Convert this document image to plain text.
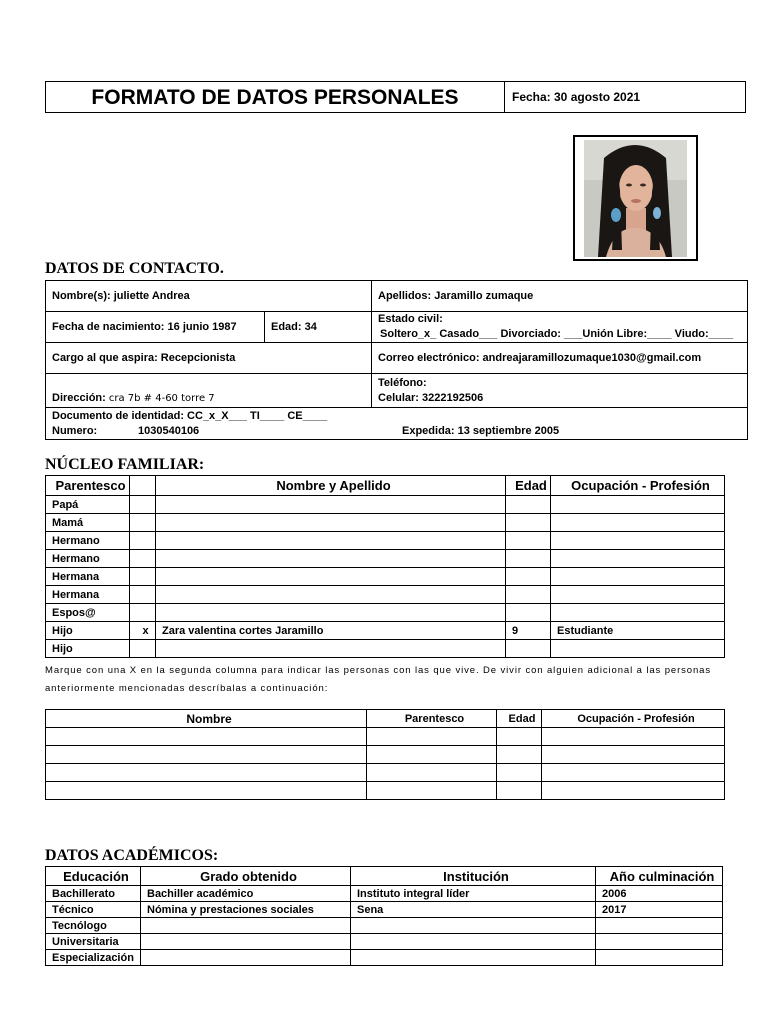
FORMATO DE DATOS PERSONALES	Fecha: 30 agosto 2021
DATOS DE CONTACTO.
Nombre(s): juliette Andrea		Apellidos: Jaramillo zumaque
Fecha de nacimiento: 16 junio 1987	Edad: 34	Estado civil:
Soltero_x_ Casado___ Divorciado: ___Unión Libre:____ Viudo:____

Cargo al que aspira: Recepcionista		Correo electrónico: andreajaramillozumaque1030@gmail.com
Dirección: cra 7b # 4-60 torre 7		Teléfono:
Celular: 3222192506

Documento de identidad: CC_x_X___ TI____ CE____
Numero: 1030540106 Expedida: 13 septiembre 2005		
NÚCLEO FAMILIAR:
Parentesco		Nombre y Apellido	Edad	Ocupación - Profesión
Papá				
Mamá				
Hermano				
Hermano				
Hermana				
Hermana				
Espos@				
Hijo	x	Zara valentina cortes Jaramillo	9	Estudiante
Hijo				
Marque con una X en la segunda columna para indicar las personas con las que vive. De vivir con alguien adicional a las personas anteriormente mencionadas descríbalas a continuación:
Nombre	Parentesco	Edad	Ocupación - Profesión

DATOS ACADÉMICOS:
Educación	Grado obtenido	Institución	Año culminación
Bachillerato	Bachiller académico	Instituto integral líder	2006
Técnico	Nómina y prestaciones sociales	Sena	2017
Tecnólogo			
Universitaria			
Especialización			
